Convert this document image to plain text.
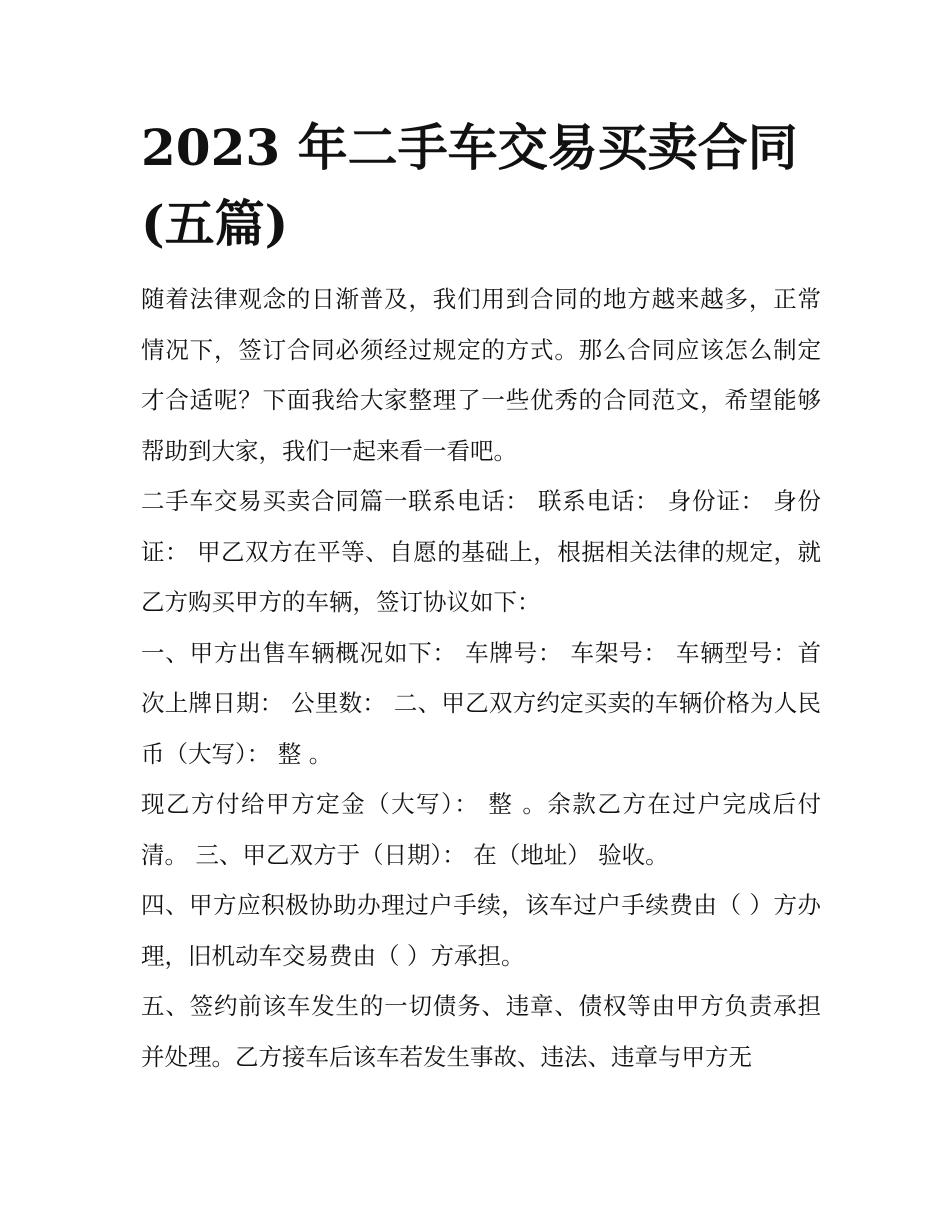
2023 年二手车交易买卖合同
(五篇)

随着法律观念的日渐普及，我们用到合同的地方越来越多，正常情况下，签订合同必须经过规定的方式。那么合同应该怎么制定才合适呢？下面我给大家整理了一些优秀的合同范文，希望能够帮助到大家，我们一起来看一看吧。

二手车交易买卖合同篇一联系电话： 联系电话： 身份证： 身份证： 甲乙双方在平等、自愿的基础上，根据相关法律的规定，就乙方购买甲方的车辆，签订协议如下：

一、甲方出售车辆概况如下： 车牌号： 车架号： 车辆型号：首次上牌日期： 公里数： 二、甲乙双方约定买卖的车辆价格为人民币（大写）： 整 。

现乙方付给甲方定金（大写）： 整 。余款乙方在过户完成后付清。 三、甲乙双方于（日期）： 在（地址） 验收。

四、甲方应积极协助办理过户手续，该车过户手续费由（ ）方办理，旧机动车交易费由（ ）方承担。

五、签约前该车发生的一切债务、违章、债权等由甲方负责承担并处理。乙方接车后该车若发生事故、违法、违章与甲方无
